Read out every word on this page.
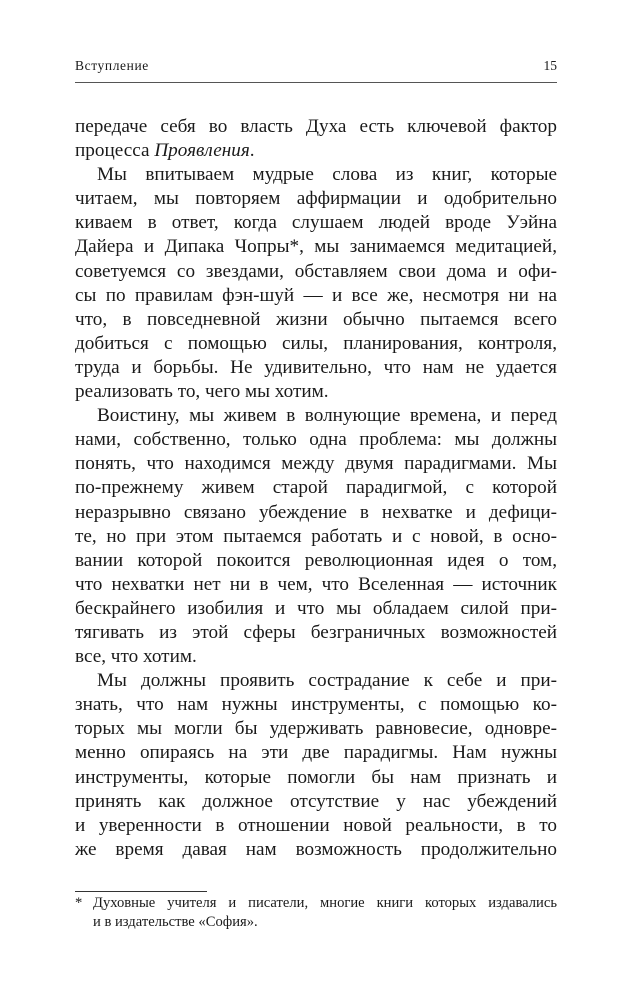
Вступление	15
передаче себя во власть Духа есть ключевой фактор
процесса Проявления.
Мы впитываем мудрые слова из книг, которые
читаем, мы повторяем аффирмации и одобрительно
киваем в ответ, когда слушаем людей вроде Уэйна
Дайера и Дипака Чопры*, мы занимаемся медитацией,
советуемся со звездами, обставляем свои дома и офи-
сы по правилам фэн-шуй — и все же, несмотря ни на
что, в повседневной жизни обычно пытаемся всего
добиться с помощью силы, планирования, контроля,
труда и борьбы. Не удивительно, что нам не удается
реализовать то, чего мы хотим.
Воистину, мы живем в волнующие времена, и перед
нами, собственно, только одна проблема: мы должны
понять, что находимся между двумя парадигмами. Мы
по-прежнему живем старой парадигмой, с которой
неразрывно связано убеждение в нехватке и дефици-
те, но при этом пытаемся работать и с новой, в осно-
вании которой покоится революционная идея о том,
что нехватки нет ни в чем, что Вселенная — источник
бескрайнего изобилия и что мы обладаем силой при-
тягивать из этой сферы безграничных возможностей
все, что хотим.
Мы должны проявить сострадание к себе и при-
знать, что нам нужны инструменты, с помощью ко-
торых мы могли бы удерживать равновесие, одновре-
менно опираясь на эти две парадигмы. Нам нужны
инструменты, которые помогли бы нам признать и
принять как должное отсутствие у нас убеждений
и уверенности в отношении новой реальности, в то
же время давая нам возможность продолжительно
* Духовные учителя и писатели, многие книги которых издавались
и в издательстве «София».
